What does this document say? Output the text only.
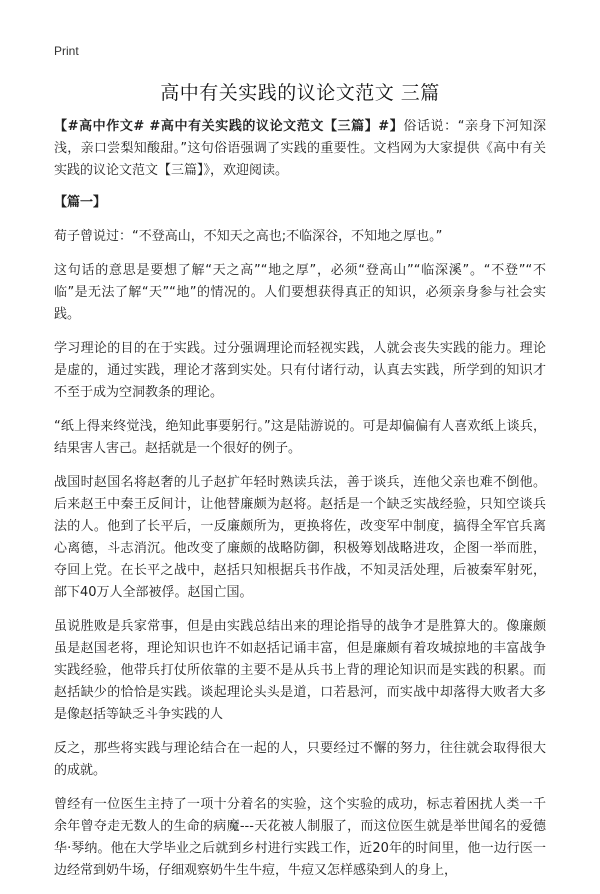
Print
高中有关实践的议论文范文 三篇

【#高中作文# #高中有关实践的议论文范文【三篇】#】俗话说：“亲身下河知深浅，亲口尝梨知酸甜。”这句俗语强调了实践的重要性。文档网为大家提供《高中有关实践的议论文范文【三篇】》，欢迎阅读。

【篇一】

荀子曾说过：“不登高山，不知天之高也;不临深谷，不知地之厚也。”

这句话的意思是要想了解“天之高”“地之厚”，必须“登高山”“临深溪”。“不登”“不临”是无法了解“天”“地”的情况的。人们要想获得真正的知识，必须亲身参与社会实践。

学习理论的目的在于实践。过分强调理论而轻视实践，人就会丧失实践的能力。理论是虚的，通过实践，理论才落到实处。只有付诸行动，认真去实践，所学到的知识才不至于成为空洞教条的理论。

“纸上得来终觉浅，绝知此事要躬行。”这是陆游说的。可是却偏偏有人喜欢纸上谈兵，结果害人害己。赵括就是一个很好的例子。

战国时赵国名将赵奢的儿子赵扩年轻时熟读兵法，善于谈兵，连他父亲也难不倒他。后来赵王中秦王反间计，让他替廉颇为赵将。赵括是一个缺乏实战经验，只知空谈兵法的人。他到了长平后，一反廉颇所为，更换将佐，改变军中制度，搞得全军官兵离心离德，斗志消沉。他改变了廉颇的战略防御，积极筹划战略进攻，企图一举而胜，夺回上党。在长平之战中，赵括只知根据兵书作战，不知灵活处理，后被秦军射死，部下40万人全部被俘。赵国亡国。

虽说胜败是兵家常事，但是由实践总结出来的理论指导的战争才是胜算大的。像廉颇虽是赵国老将，理论知识也许不如赵括记诵丰富，但是廉颇有着攻城掠地的丰富战争实践经验，他带兵打仗所依靠的主要不是从兵书上背的理论知识而是实践的积累。而赵括缺少的恰恰是实践。谈起理论头头是道，口若悬河，而实战中却落得大败者大多是像赵括等缺乏斗争实践的人

反之，那些将实践与理论结合在一起的人，只要经过不懈的努力，往往就会取得很大的成就。

曾经有一位医生主持了一项十分着名的实验，这个实验的成功，标志着困扰人类一千余年曾夺走无数人的生命的病魔---天花被人制服了，而这位医生就是举世闻名的爱德华·琴纳。他在大学毕业之后就到乡村进行实践工作，近20年的时间里，他一边行医一边经常到奶牛场，仔细观察奶牛生牛痘，牛痘又怎样感染到人的身上，
